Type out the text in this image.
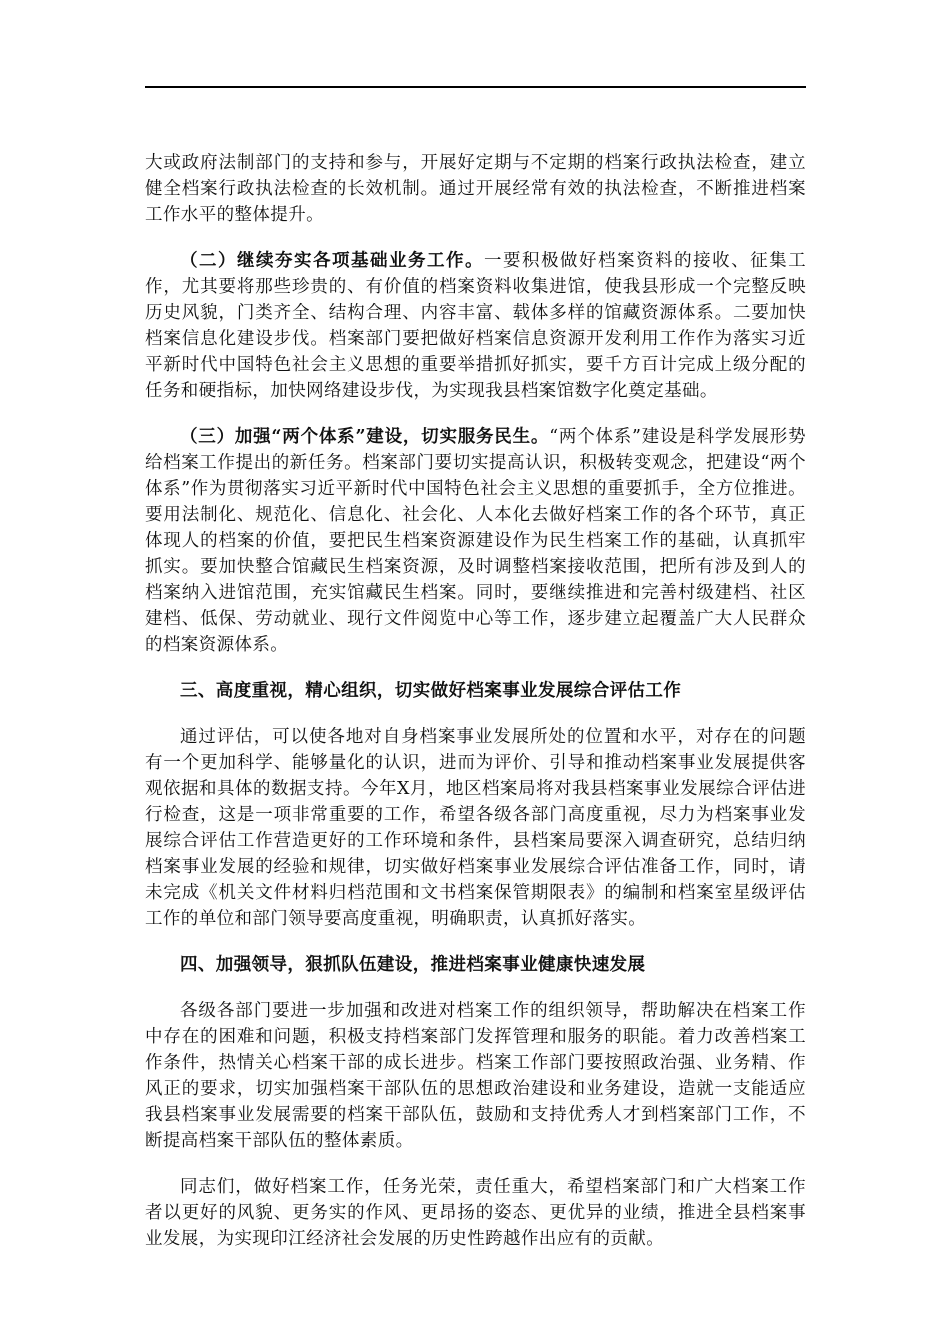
大或政府法制部门的支持和参与，开展好定期与不定期的档案行政执法检查，建立健全档案行政执法检查的长效机制。通过开展经常有效的执法检查，不断推进档案工作水平的整体提升。

（二）继续夯实各项基础业务工作。一要积极做好档案资料的接收、征集工作，尤其要将那些珍贵的、有价值的档案资料收集进馆，使我县形成一个完整反映历史风貌，门类齐全、结构合理、内容丰富、载体多样的馆藏资源体系。二要加快档案信息化建设步伐。档案部门要把做好档案信息资源开发利用工作作为落实习近平新时代中国特色社会主义思想的重要举措抓好抓实，要千方百计完成上级分配的任务和硬指标，加快网络建设步伐，为实现我县档案馆数字化奠定基础。

（三）加强“两个体系”建设，切实服务民生。“两个体系”建设是科学发展形势给档案工作提出的新任务。档案部门要切实提高认识，积极转变观念，把建设“两个体系”作为贯彻落实习近平新时代中国特色社会主义思想的重要抓手，全方位推进。要用法制化、规范化、信息化、社会化、人本化去做好档案工作的各个环节，真正体现人的档案的价值，要把民生档案资源建设作为民生档案工作的基础，认真抓牢抓实。要加快整合馆藏民生档案资源，及时调整档案接收范围，把所有涉及到人的档案纳入进馆范围，充实馆藏民生档案。同时，要继续推进和完善村级建档、社区建档、低保、劳动就业、现行文件阅览中心等工作，逐步建立起覆盖广大人民群众的档案资源体系。

三、高度重视，精心组织，切实做好档案事业发展综合评估工作

通过评估，可以使各地对自身档案事业发展所处的位置和水平，对存在的问题有一个更加科学、能够量化的认识，进而为评价、引导和推动档案事业发展提供客观依据和具体的数据支持。今年X月，地区档案局将对我县档案事业发展综合评估进行检查，这是一项非常重要的工作，希望各级各部门高度重视，尽力为档案事业发展综合评估工作营造更好的工作环境和条件，县档案局要深入调查研究，总结归纳档案事业发展的经验和规律，切实做好档案事业发展综合评估准备工作，同时，请未完成《机关文件材料归档范围和文书档案保管期限表》的编制和档案室星级评估工作的单位和部门领导要高度重视，明确职责，认真抓好落实。

四、加强领导，狠抓队伍建设，推进档案事业健康快速发展

各级各部门要进一步加强和改进对档案工作的组织领导，帮助解决在档案工作中存在的困难和问题，积极支持档案部门发挥管理和服务的职能。着力改善档案工作条件，热情关心档案干部的成长进步。档案工作部门要按照政治强、业务精、作风正的要求，切实加强档案干部队伍的思想政治建设和业务建设，造就一支能适应我县档案事业发展需要的档案干部队伍，鼓励和支持优秀人才到档案部门工作，不断提高档案干部队伍的整体素质。

同志们，做好档案工作，任务光荣，责任重大，希望档案部门和广大档案工作者以更好的风貌、更务实的作风、更昂扬的姿态、更优异的业绩，推进全县档案事业发展，为实现印江经济社会发展的历史性跨越作出应有的贡献。
